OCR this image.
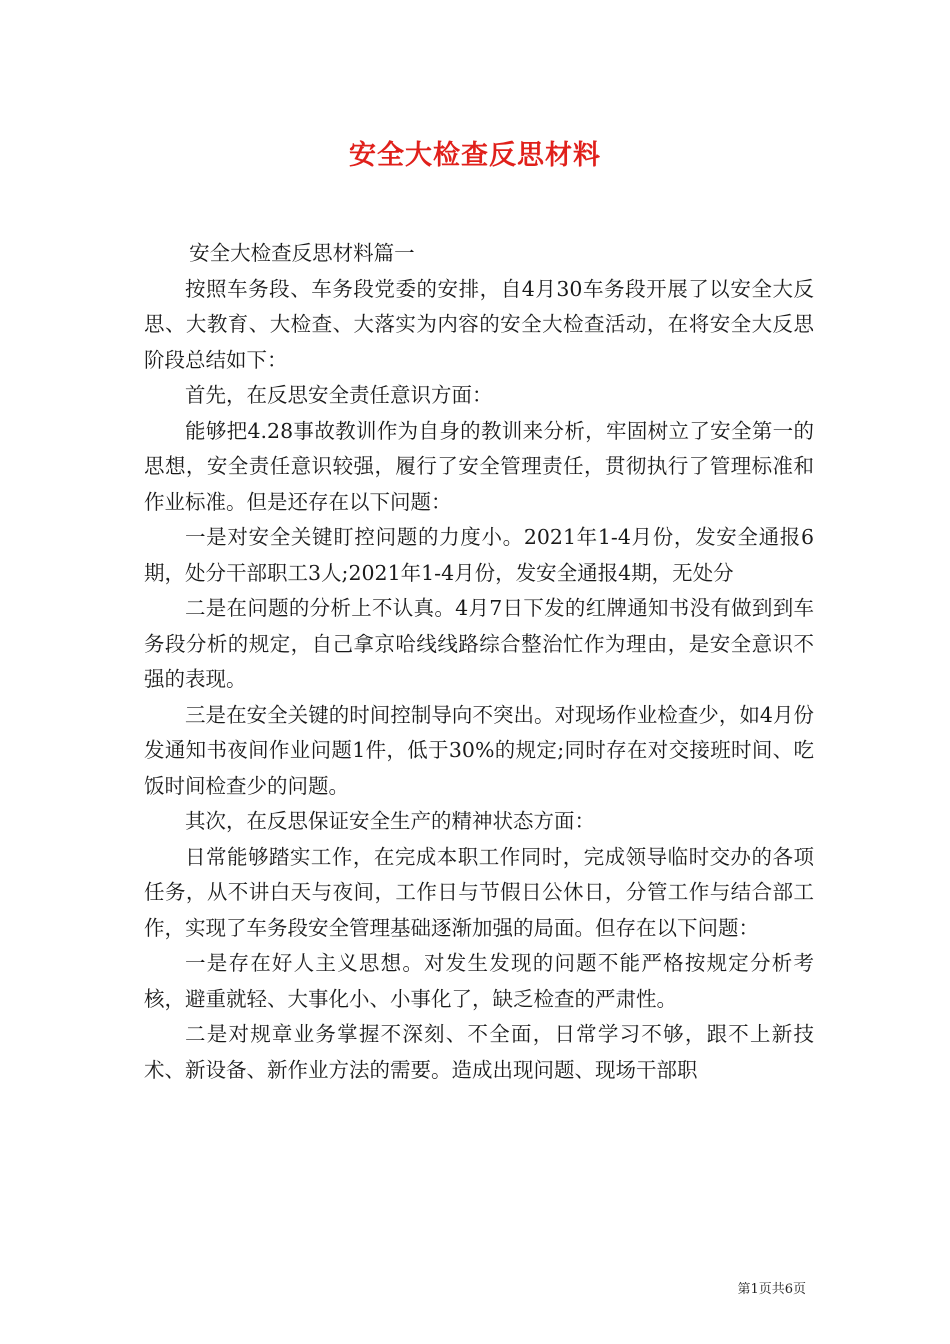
安全大检查反思材料

安全大检查反思材料篇一

按照车务段、车务段党委的安排，自4月30车务段开展了以安全大反思、大教育、大检查、大落实为内容的安全大检查活动，在将安全大反思阶段总结如下：

首先，在反思安全责任意识方面：

能够把4.28事故教训作为自身的教训来分析，牢固树立了安全第一的思想，安全责任意识较强，履行了安全管理责任，贯彻执行了管理标准和作业标准。但是还存在以下问题：

一是对安全关键盯控问题的力度小。2021年1-4月份，发安全通报6期，处分干部职工3人;2021年1-4月份，发安全通报4期，无处分

二是在问题的分析上不认真。4月7日下发的红牌通知书没有做到到车务段分析的规定，自己拿京哈线线路综合整治忙作为理由，是安全意识不强的表现。

三是在安全关键的时间控制导向不突出。对现场作业检查少，如4月份发通知书夜间作业问题1件，低于30%的规定;同时存在对交接班时间、吃饭时间检查少的问题。

其次，在反思保证安全生产的精神状态方面：

日常能够踏实工作，在完成本职工作同时，完成领导临时交办的各项任务，从不讲白天与夜间，工作日与节假日公休日，分管工作与结合部工作，实现了车务段安全管理基础逐渐加强的局面。但存在以下问题：

一是存在好人主义思想。对发生发现的问题不能严格按规定分析考核，避重就轻、大事化小、小事化了，缺乏检查的严肃性。

二是对规章业务掌握不深刻、不全面，日常学习不够，跟不上新技术、新设备、新作业方法的需要。造成出现问题、现场干部职

第1页共6页
